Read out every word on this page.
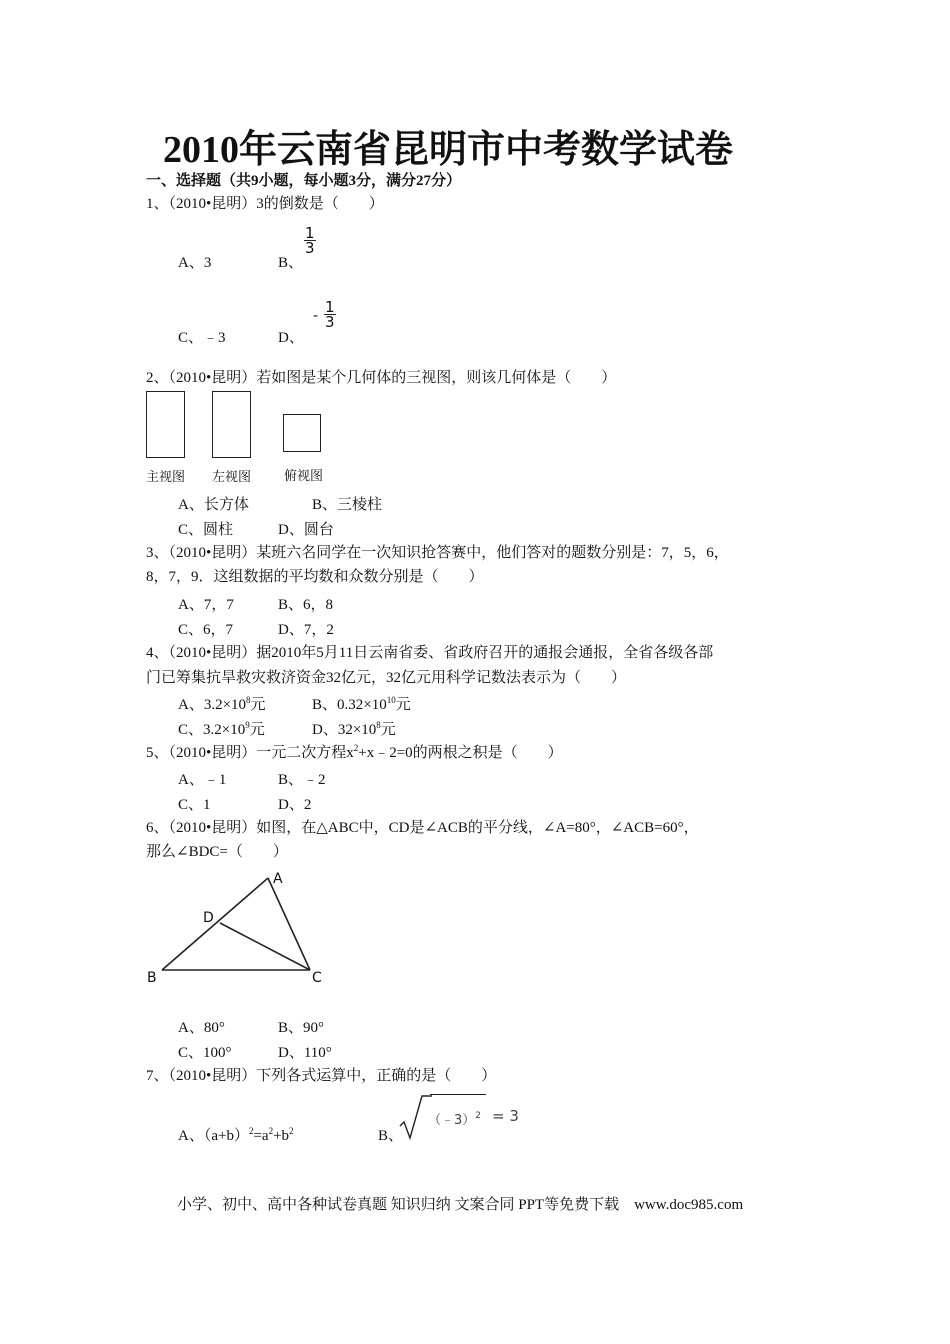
2010年云南省昆明市中考数学试卷
一、选择题（共9小题，每小题3分，满分27分）
1、（2010•昆明）3的倒数是（　　）
A、3	B、
$\frac{1}{3}$
C、﹣3	D、
- $\frac{1}{3}$
2、（2010•昆明）若如图是某个几何体的三视图，则该几何体是（　　）
主视图 左视图	俯视图
A、长方体	B、三棱柱
C、圆柱	D、圆台
3、（2010•昆明）某班六名同学在一次知识抢答赛中，他们答对的题数分别是：7，5，6，
8，7，9．这组数据的平均数和众数分别是（　　）
A、7，7	B、6，8
C、6，7	D、7，2
4、（2010•昆明）据2010年5月11日云南省委、省政府召开的通报会通报，全省各级各部
门已筹集抗旱救灾救济资金32亿元，32亿元用科学记数法表示为（　　）
A、$3.2\times 10^8$元	B、$0.32\times 10^{10}$元
C、$3.2\times 10^9$元	D、$32\times 10^8$元
5、（2010•昆明）一元二次方程$x^2+x﹣2=0$的两根之积是（　　）
A、﹣1	B、﹣2
C、1	D、2
6、（2010•昆明）如图，在△ABC中，CD是∠ACB的平分线，∠A=80°，∠ACB=60°，
那么∠BDC=（　　）
A
D
B	C
A、80°	B、90°
C、100°	D、110°
7、（2010•昆明）下列各式运算中，正确的是（　　）
A、$(a+b)^2=a^2+b^2$	B、
（﹣3）$^2$ = 3
小学、初中、高中各种试卷真题 知识归纳 文案合同 PPT等免费下载　www.doc985.com
